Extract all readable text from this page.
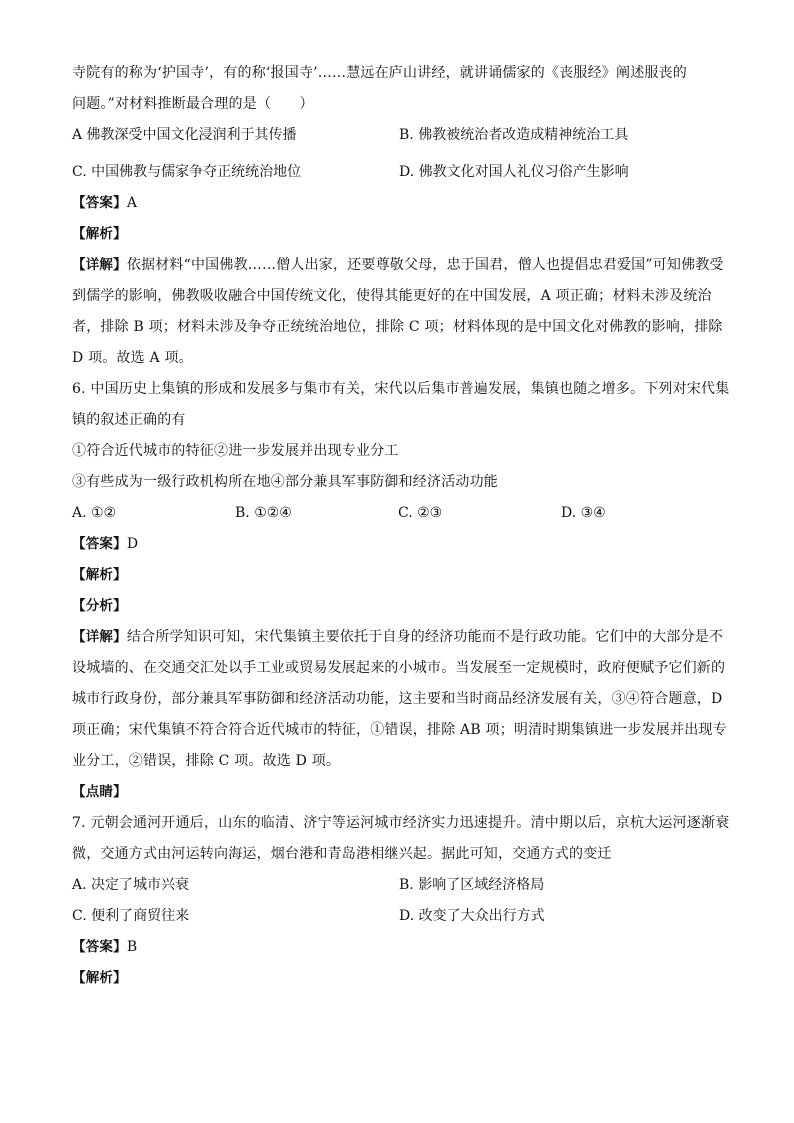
寺院有的称为‘护国寺’，有的称‘报国寺’……慧远在庐山讲经，就讲诵儒家的《丧服经》阐述服丧的

问题。”对材料推断最合理的是（　　）

A 佛教深受中国文化浸润利于其传播	B. 佛教被统治者改造成精神统治工具
C. 中国佛教与儒家争夺正统统治地位	D. 佛教文化对国人礼仪习俗产生影响

【答案】A

【解析】

【详解】依据材料“中国佛教……僧人出家，还要尊敬父母，忠于国君，僧人也提倡忠君爱国”可知佛教受

到儒学的影响，佛教吸收融合中国传统文化，使得其能更好的在中国发展，A 项正确；材料未涉及统治

者，排除 B 项；材料未涉及争夺正统统治地位，排除 C 项；材料体现的是中国文化对佛教的影响，排除

D 项。故选 A 项。

6. 中国历史上集镇的形成和发展多与集市有关，宋代以后集市普遍发展，集镇也随之增多。下列对宋代集

镇的叙述正确的有

①符合近代城市的特征②进一步发展并出现专业分工

③有些成为一级行政机构所在地④部分兼具军事防御和经济活动功能

A. ①②	B. ①②④	C. ②③	D. ③④

【答案】D

【解析】

【分析】

【详解】结合所学知识可知，宋代集镇主要依托于自身的经济功能而不是行政功能。它们中的大部分是不

设城墙的、在交通交汇处以手工业或贸易发展起来的小城市。当发展至一定规模时，政府便赋予它们新的

城市行政身份，部分兼具军事防御和经济活动功能，这主要和当时商品经济发展有关，③④符合题意，D

项正确；宋代集镇不符合符合近代城市的特征，①错误，排除 AB 项；明清时期集镇进一步发展并出现专

业分工，②错误，排除 C 项。故选 D 项。

【点睛】

7. 元朝会通河开通后，山东的临清、济宁等运河城市经济实力迅速提升。清中期以后，京杭大运河逐渐衰

微，交通方式由河运转向海运，烟台港和青岛港相继兴起。据此可知，交通方式的变迁

A. 决定了城市兴衰	B. 影响了区域经济格局
C. 便利了商贸往来	D. 改变了大众出行方式

【答案】B

【解析】
